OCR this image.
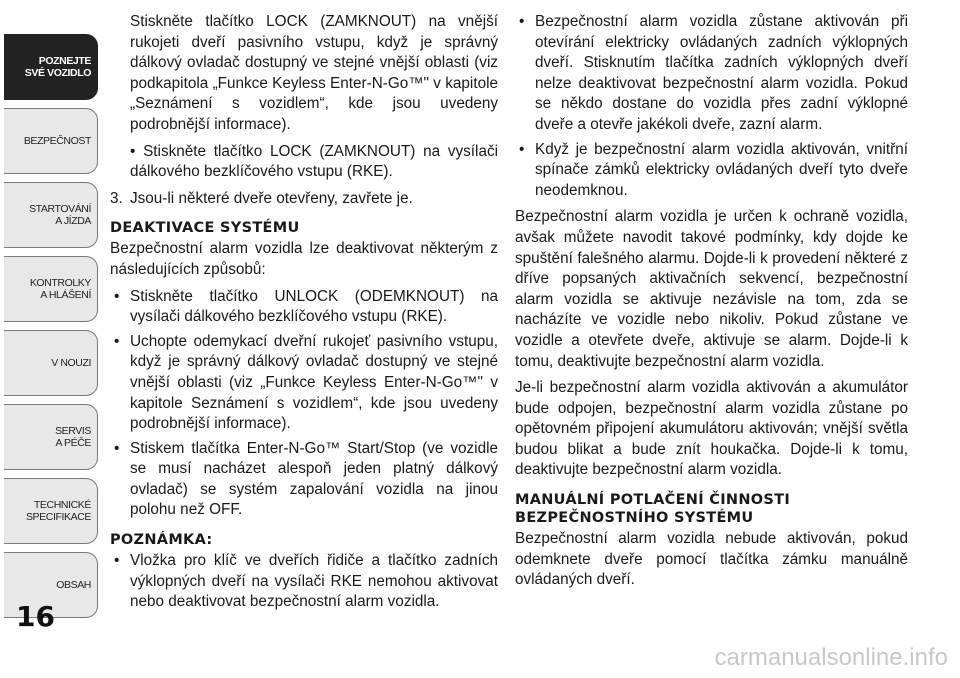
POZNEJTE
SVÉ VOZIDLO
BEZPEČNOST
STARTOVÁNÍ
A JÍZDA
KONTROLKY
A HLÁŠENÍ
V NOUZI
SERVIS
A PÉČE
TECHNICKÉ
SPECIFIKACE
OBSAH
16

Stiskněte tlačítko LOCK (ZAMKNOUT) na vnější rukojeti dveří pasivního vstupu, když je správný dálkový ovladač dostupný ve stejné vnější oblasti (viz podkapitola „Funkce Keyless Enter-N-Go™" v kapitole „Seznámení s vozidlem“, kde jsou uvedeny podrobnější informace).

• Stiskněte tlačítko LOCK (ZAMKNOUT) na vysílači dálkového bezklíčového vstupu (RKE).

3. Jsou-li některé dveře otevřeny, zavřete je.
DEAKTIVACE SYSTÉMU

Bezpečnostní alarm vozidla lze deaktivovat některým z následujících způsobů:

• Stiskněte tlačítko UNLOCK (ODEMKNOUT) na vysílači dálkového bezklíčového vstupu (RKE).
• Uchopte odemykací dveřní rukojeť pasivního vstupu, když je správný dálkový ovladač dostupný ve stejné vnější oblasti (viz „Funkce Keyless Enter-N-Go™" v kapitole Seznámení s vozidlem“, kde jsou uvedeny podrobnější informace).
• Stiskem tlačítka Enter-N-Go™ Start/Stop (ve vozidle se musí nacházet alespoň jeden platný dálkový ovladač) se systém zapalování vozidla na jinou polohu než OFF.
POZNÁMKA:
• Vložka pro klíč ve dveřích řidiče a tlačítko zadních výklopných dveří na vysílači RKE nemohou aktivovat nebo deaktivovat bezpečnostní alarm vozidla.
• Bezpečnostní alarm vozidla zůstane aktivován při otevírání elektricky ovládaných zadních výklopných dveří. Stisknutím tlačítka zadních výklopných dveří nelze deaktivovat bezpečnostní alarm vozidla. Pokud se někdo dostane do vozidla přes zadní výklopné dveře a otevře jakékoli dveře, zazní alarm.
• Když je bezpečnostní alarm vozidla aktivován, vnitřní spínače zámků elektricky ovládaných dveří tyto dveře neodemknou.

Bezpečnostní alarm vozidla je určen k ochraně vozidla, avšak můžete navodit takové podmínky, kdy dojde ke spuštění falešného alarmu. Dojde-li k provedení některé z dříve popsaných aktivačních sekvencí, bezpečnostní alarm vozidla se aktivuje nezávisle na tom, zda se nacházíte ve vozidle nebo nikoliv. Pokud zůstane ve vozidle a otevřete dveře, aktivuje se alarm. Dojde-li k tomu, deaktivujte bezpečnostní alarm vozidla.

Je-li bezpečnostní alarm vozidla aktivován a akumulátor bude odpojen, bezpečnostní alarm vozidla zůstane po opětovném připojení akumulátoru aktivován; vnější světla budou blikat a bude znít houkačka. Dojde-li k tomu, deaktivujte bezpečnostní alarm vozidla.

MANUÁLNÍ POTLAČENÍ ČINNOSTI BEZPEČNOSTNÍHO SYSTÉMU

Bezpečnostní alarm vozidla nebude aktivován, pokud odemknete dveře pomocí tlačítka zámku manuálně ovládaných dveří.

carmanualsonline.info
